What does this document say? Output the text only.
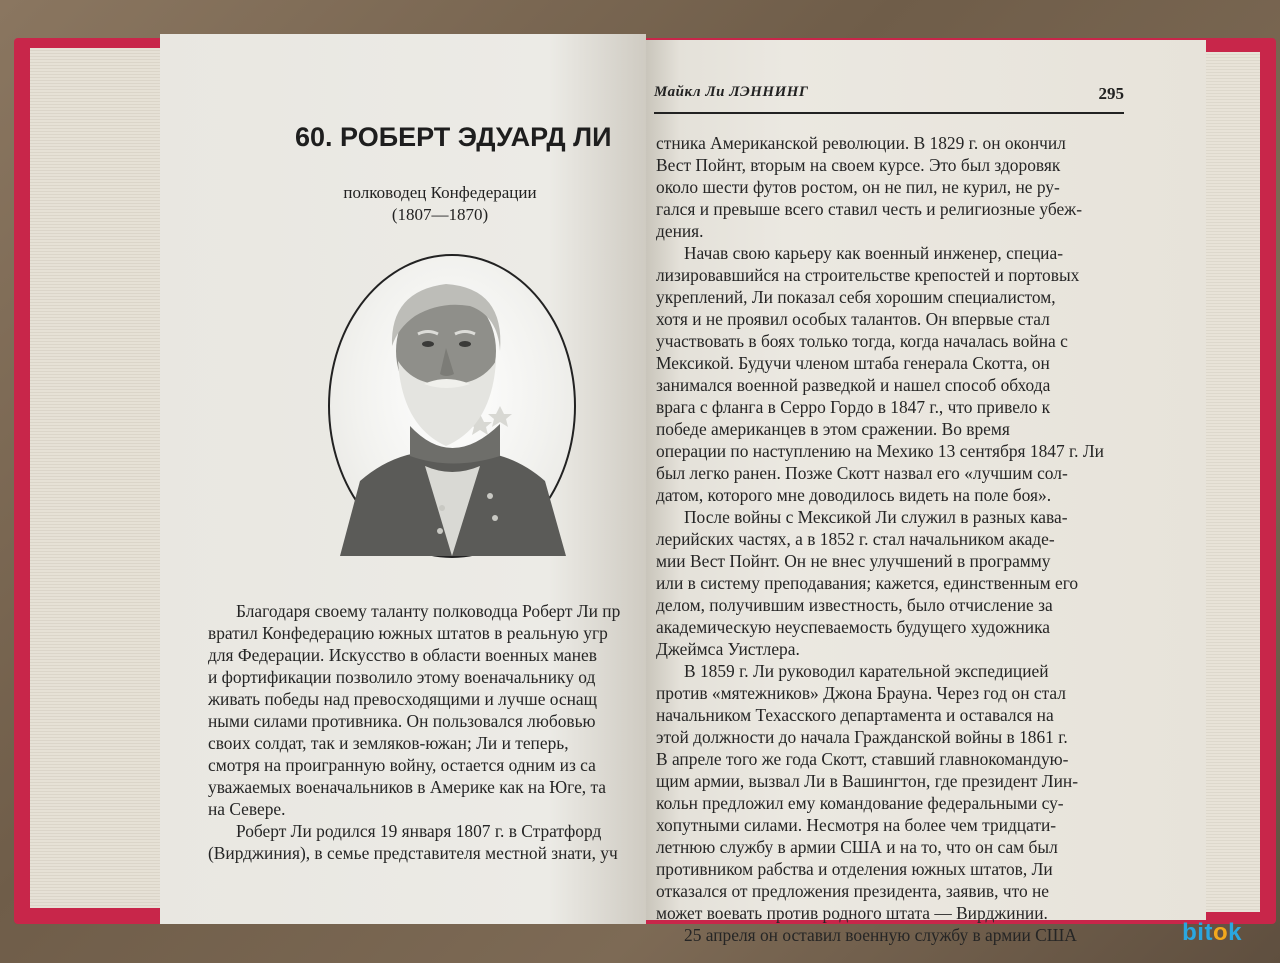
60. РОБЕРТ ЭДУАРД ЛИ
полководец Конфедерации
(1807—1870)
Благодаря своему таланту полководца Роберт Ли пр
вратил Конфедерацию южных штатов в реальную угр
для Федерации. Искусство в области военных манев
и фортификации позволило этому военачальнику од
живать победы над превосходящими и лучше оснащ
ными силами противника. Он пользовался любовью
своих солдат, так и земляков-южан; Ли и теперь,
смотря на проигранную войну, остается одним из са
уважаемых военачальников в Америке как на Юге, та
на Севере.
Роберт Ли родился 19 января 1807 г. в Стратфорд
(Вирджиния), в семье представителя местной знати, уч
Майкл Ли ЛЭННИНГ	295
стника Американской революции. В 1829 г. он окончил
Вест Пойнт, вторым на своем курсе. Это был здоровяк
около шести футов ростом, он не пил, не курил, не ру-
гался и превыше всего ставил честь и религиозные убеж-
дения.
Начав свою карьеру как военный инженер, специа-
лизировавшийся на строительстве крепостей и портовых
укреплений, Ли показал себя хорошим специалистом,
хотя и не проявил особых талантов. Он впервые стал
участвовать в боях только тогда, когда началась война с
Мексикой. Будучи членом штаба генерала Скотта, он
занимался военной разведкой и нашел способ обхода
врага с фланга в Серро Гордо в 1847 г., что привело к
победе американцев в этом сражении. Во время
операции по наступлению на Мехико 13 сентября 1847 г. Ли
был легко ранен. Позже Скотт назвал его «лучшим сол-
датом, которого мне доводилось видеть на поле боя».
После войны с Мексикой Ли служил в разных кава-
лерийских частях, а в 1852 г. стал начальником акаде-
мии Вест Пойнт. Он не внес улучшений в программу
или в систему преподавания; кажется, единственным его
делом, получившим известность, было отчисление за
академическую неуспеваемость будущего художника
Джеймса Уистлера.
В 1859 г. Ли руководил карательной экспедицией
против «мятежников» Джона Брауна. Через год он стал
начальником Техасского департамента и оставался на
этой должности до начала Гражданской войны в 1861 г.
В апреле того же года Скотт, ставший главнокомандую-
щим армии, вызвал Ли в Вашингтон, где президент Лин-
кольн предложил ему командование федеральными су-
хопутными силами. Несмотря на более чем тридцати-
летнюю службу в армии США и на то, что он сам был
противником рабства и отделения южных штатов, Ли
отказался от предложения президента, заявив, что не
может воевать против родного штата — Вирджинии.
25 апреля он оставил военную службу в армии США	bitok
